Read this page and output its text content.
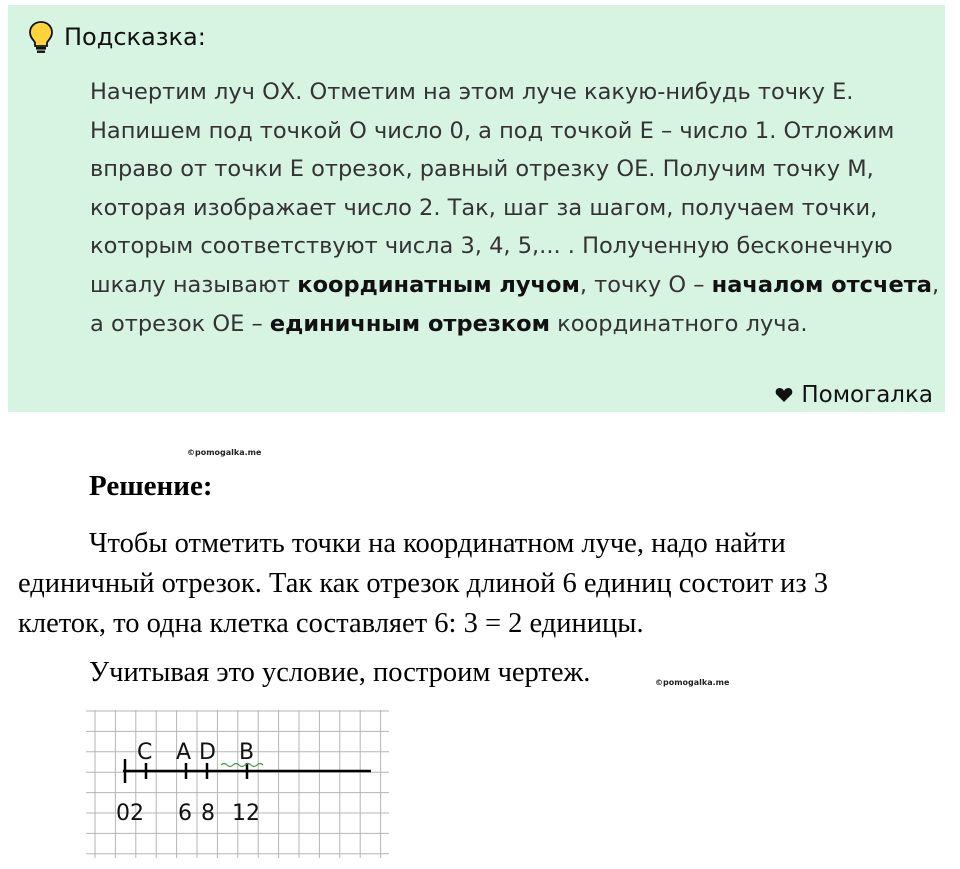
Подсказка:
Начертим луч ОХ. Отметим на этом луче какую-нибудь точку Е. Напишем под точкой О число 0, а под точкой Е – число 1. Отложим вправо от точки Е отрезок, равный отрезку ОЕ. Получим точку М, которая изображает число 2. Так, шаг за шагом, получаем точки, которым соответствуют числа 3, 4, 5,... . Полученную бесконечную шкалу называют координатным лучом, точку О – началом отсчета, а отрезок ОЕ – единичным отрезком координатного луча.
Помогалка
©pomogalka.me
Решение:
Чтобы отметить точки на координатном луче, надо найти единичный отрезок. Так как отрезок длиной 6 единиц состоит из 3 клеток, то одна клетка составляет 6: 3 = 2 единицы.
Учитывая это условие, построим чертеж.	©pomogalka.me
C A D B
02 6 8 12
